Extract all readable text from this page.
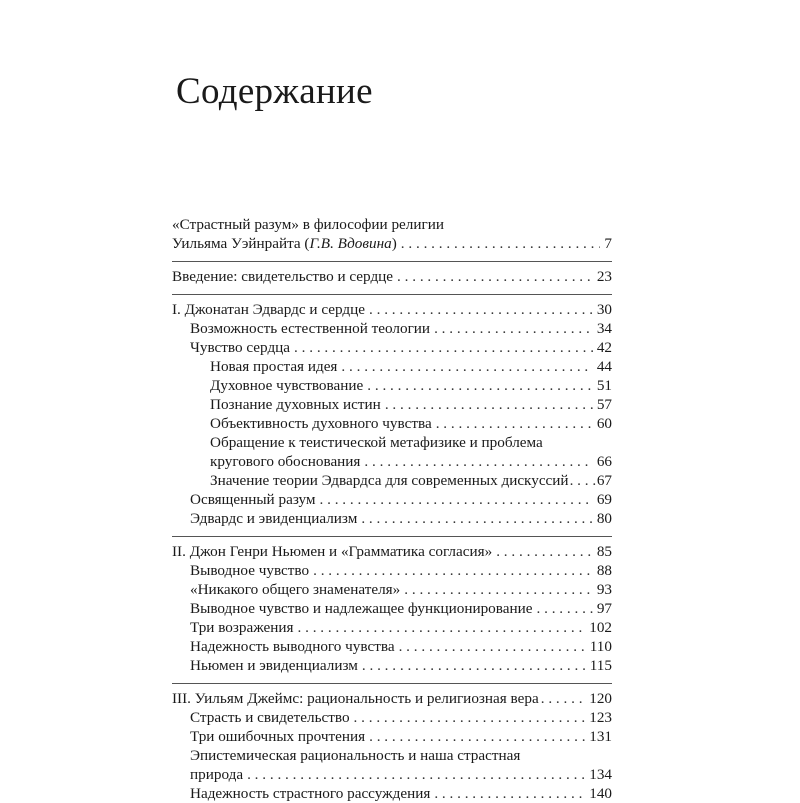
Содержание
«Страстный разум» в философии религии
Уильяма Уэйнрайта (Г.В. Вдовина) . . .	7
Введение: свидетельство и сердце . . .	23
I. Джонатан Эдвардс и сердце . . .	30
Возможность естественной теологии . . .	34
Чувство сердца . . .	42
Новая простая идея . . .	44
Духовное чувствование . . .	51
Познание духовных истин . . .	57
Объективность духовного чувства . . .	60
Обращение к теистической метафизике и проблема
кругового обоснования . . .	66
Значение теории Эдвардса для современных дискуссий . . . 67
Освященный разум . . .	69
Эдвардс и эвиденциализм . . .	80
II. Джон Генри Ньюмен и «Грамматика согласия» . . .	85
Выводное чувство . . .	88
«Никакого общего знаменателя» . . .	93
Выводное чувство и надлежащее функционирование . . .	97
Три возражения . . .	102
Надежность выводного чувства . . .	110
Ньюмен и эвиденциализм . . .	115
III. Уильям Джеймс: рациональность и религиозная вера . . .	120
Страсть и свидетельство . . .	123
Три ошибочных прочтения . . .	131
Эпистемическая рациональность и наша страстная
природа . . .	134
Надежность страстного рассуждения . . .	140
